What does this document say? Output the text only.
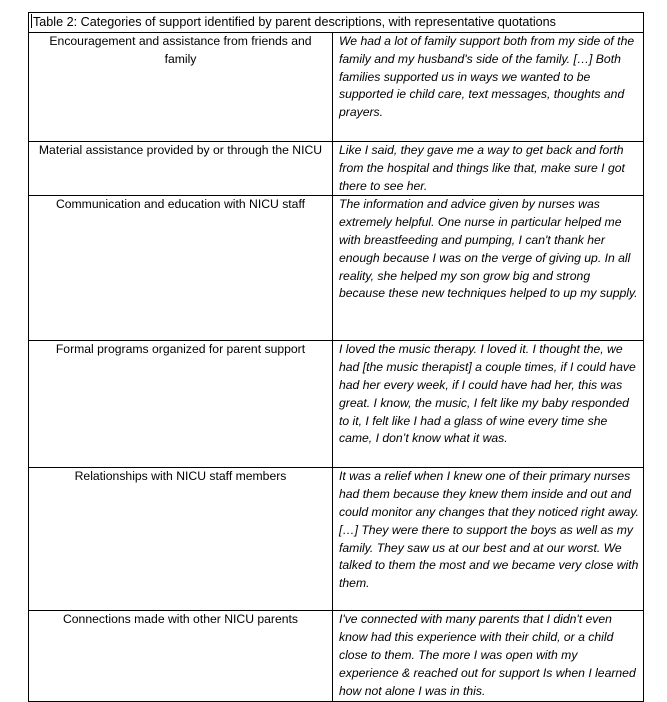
Table 2: Categories of support identified by parent descriptions, with representative quotations	
Encouragement and assistance from friends and family	We had a lot of family support both from my side of the family and my husband's side of the family. […] Both families supported us in ways we wanted to be supported ie child care, text messages, thoughts and prayers.
Material assistance provided by or through the NICU	Like I said, they gave me a way to get back and forth from the hospital and things like that, make sure I got there to see her.
Communication and education with NICU staff	The information and advice given by nurses was extremely helpful. One nurse in particular helped me with breastfeeding and pumping, I can't thank her enough because I was on the verge of giving up. In all reality, she helped my son grow big and strong because these new techniques helped to up my supply.
Formal programs organized for parent support	I loved the music therapy. I loved it. I thought the, we had [the music therapist] a couple times, if I could have had her every week, if I could have had her, this was great. I know, the music, I felt like my baby responded to it, I felt like I had a glass of wine every time she came, I don’t know what it was.
Relationships with NICU staff members	It was a relief when I knew one of their primary nurses had them because they knew them inside and out and could monitor any changes that they noticed right away. […] They were there to support the boys as well as my family. They saw us at our best and at our worst. We talked to them the most and we became very close with them.
Connections made with other NICU parents	I've connected with many parents that I didn't even know had this experience with their child, or a child close to them. The more I was open with my experience & reached out for support Is when I learned how not alone I was in this.
